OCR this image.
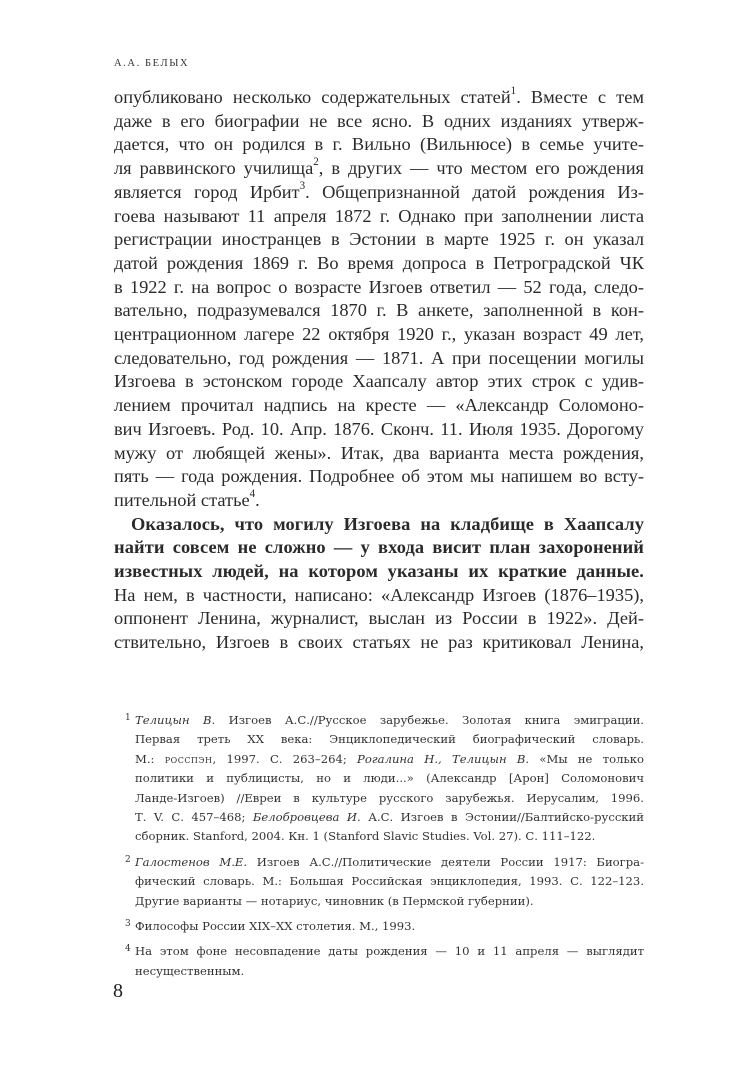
А.А. БЕЛЫХ
опубликовано несколько содержательных статей$^1$. Вместе с тем
даже в его биографии не все ясно. В одних изданиях утверж-
дается, что он родился в г. Вильно (Вильнюсе) в семье учите-
ля раввинского училища$^2$, в других — что местом его рождения
является город Ирбит$^3$. Общепризнанной датой рождения Из-
гоева называют 11 апреля 1872 г. Однако при заполнении листа
регистрации иностранцев в Эстонии в марте 1925 г. он указал
датой рождения 1869 г. Во время допроса в Петроградской ЧК
в 1922 г. на вопрос о возрасте Изгоев ответил — 52 года, следо-
вательно, подразумевался 1870 г. В анкете, заполненной в кон-
центрационном лагере 22 октября 1920 г., указан возраст 49 лет,
следовательно, год рождения — 1871. А при посещении могилы
Изгоева в эстонском городе Хаапсалу автор этих строк с удив-
лением прочитал надпись на кресте — «Александр Соломоно-
вич Изгоевъ. Род. 10. Апр. 1876. Сконч. 11. Июля 1935. Дорогому
мужу от любящей жены». Итак, два варианта места рождения,
пять — года рождения. Подробнее об этом мы напишем во всту-
пительной статье$^4$.
Оказалось, что могилу Изгоева на кладбище в Хаапсалу
найти совсем не сложно — у входа висит план захоронений
известных людей, на котором указаны их краткие данные.
На нем, в частности, написано: «Александр Изгоев (1876–1935),
оппонент Ленина, журналист, выслан из России в 1922». Дей-
ствительно, Изгоев в своих статьях не раз критиковал Ленина,
1 Телицын В. Изгоев А.С.//Русское зарубежье. Золотая книга эмиграции.
Первая треть XX века: Энциклопедический биографический словарь.
М.: росспэн, 1997. С. 263–264; Рогалина Н., Телицын В. «Мы не только
политики и публицисты, но и люди...» (Александр [Арон] Соломонович
Ланде-Изгоев) //Евреи в культуре русского зарубежья. Иерусалим, 1996.
Т. V. С. 457–468; Белобровцева И. А.С. Изгоев в Эстонии//Балтийско-русский
сборник. Stanford, 2004. Кн. 1 (Stanford Slavic Studies. Vol. 27). С. 111–122.
2 Галостенов М.Е. Изгоев А.С.//Политические деятели России 1917: Биогра-
фический словарь. М.: Большая Российская энциклопедия, 1993. С. 122–123.
Другие варианты — нотариус, чиновник (в Пермской губернии).
3 Философы России XIX–XX столетия. М., 1993.
4 На этом фоне несовпадение даты рождения — 10 и 11 апреля — выглядит
несущественным.
8
